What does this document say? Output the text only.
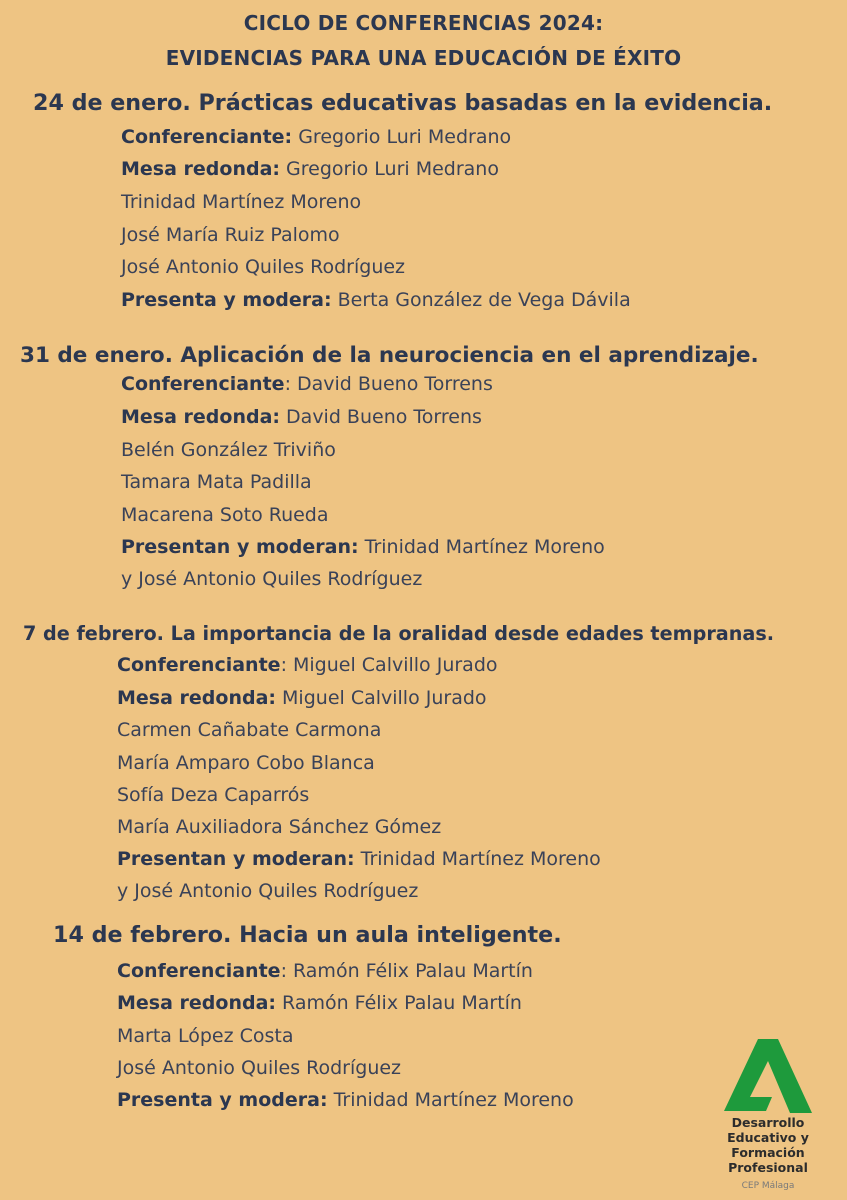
CICLO DE CONFERENCIAS 2024:
EVIDENCIAS PARA UNA EDUCACIÓN DE ÉXITO
24 de enero. Prácticas educativas basadas en la evidencia.
Conferenciante: Gregorio Luri Medrano
Mesa redonda: Gregorio Luri Medrano
Trinidad Martínez Moreno
José María Ruiz Palomo
José Antonio Quiles Rodríguez
Presenta y modera: Berta González de Vega Dávila
31 de enero. Aplicación de la neurociencia en el aprendizaje.
Conferenciante: David Bueno Torrens
Mesa redonda: David Bueno Torrens
Belén González Triviño
Tamara Mata Padilla
Macarena Soto Rueda
Presentan y moderan: Trinidad Martínez Moreno
y José Antonio Quiles Rodríguez
7 de febrero. La importancia de la oralidad desde edades tempranas.
Conferenciante: Miguel Calvillo Jurado
Mesa redonda: Miguel Calvillo Jurado
Carmen Cañabate Carmona
María Amparo Cobo Blanca
Sofía Deza Caparrós
María Auxiliadora Sánchez Gómez
Presentan y moderan: Trinidad Martínez Moreno
y José Antonio Quiles Rodríguez
14 de febrero. Hacia un aula inteligente.
Conferenciante: Ramón Félix Palau Martín
Mesa redonda: Ramón Félix Palau Martín
Marta López Costa
José Antonio Quiles Rodríguez
Presenta y modera: Trinidad Martínez Moreno
Desarrollo
Educativo y
Formación
Profesional
CEP Málaga
